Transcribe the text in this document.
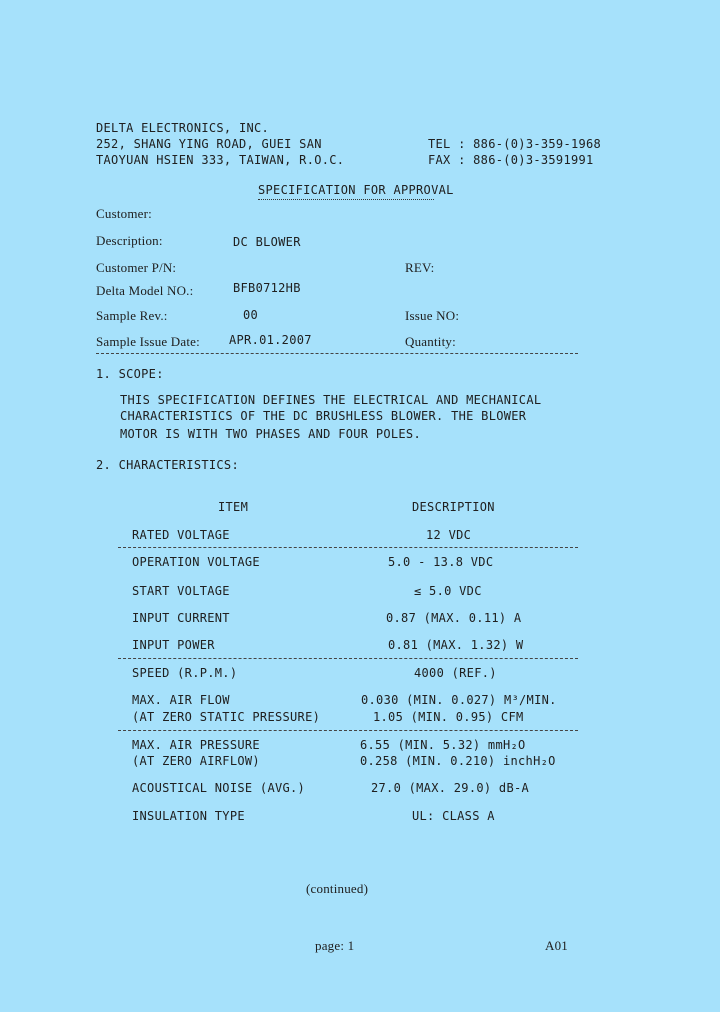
DELTA ELECTRONICS, INC.
252, SHANG YING ROAD, GUEI SAN
TAOYUAN HSIEN 333, TAIWAN, R.O.C.
TEL : 886-(0)3-359-1968
FAX : 886-(0)3-3591991
SPECIFICATION FOR APPROVAL
Customer:
Description:	DC BLOWER
Customer P/N:	REV:
Delta Model NO.:	BFB0712HB
Sample Rev.:	00	Issue NO:
Sample Issue Date: APR.01.2007	Quantity:
1. SCOPE:
THIS SPECIFICATION DEFINES THE ELECTRICAL AND MECHANICAL
CHARACTERISTICS OF THE DC BRUSHLESS BLOWER. THE BLOWER
MOTOR IS WITH TWO PHASES AND FOUR POLES.
2. CHARACTERISTICS:
ITEM	DESCRIPTION
RATED VOLTAGE	12 VDC
OPERATION VOLTAGE	5.0 - 13.8 VDC
START VOLTAGE	≤ 5.0 VDC
INPUT CURRENT	0.87 (MAX. 0.11) A
INPUT POWER	0.81 (MAX. 1.32) W
SPEED (R.P.M.)	4000 (REF.)
MAX. AIR FLOW	0.030 (MIN. 0.027) M³/MIN.
(AT ZERO STATIC PRESSURE)	1.05 (MIN. 0.95) CFM
MAX. AIR PRESSURE	6.55 (MIN. 5.32) mmH₂O
(AT ZERO AIRFLOW)	0.258 (MIN. 0.210) inchH₂O
ACOUSTICAL NOISE (AVG.)	27.0 (MAX. 29.0) dB-A
INSULATION TYPE	UL: CLASS A
(continued)
page: 1	A01
